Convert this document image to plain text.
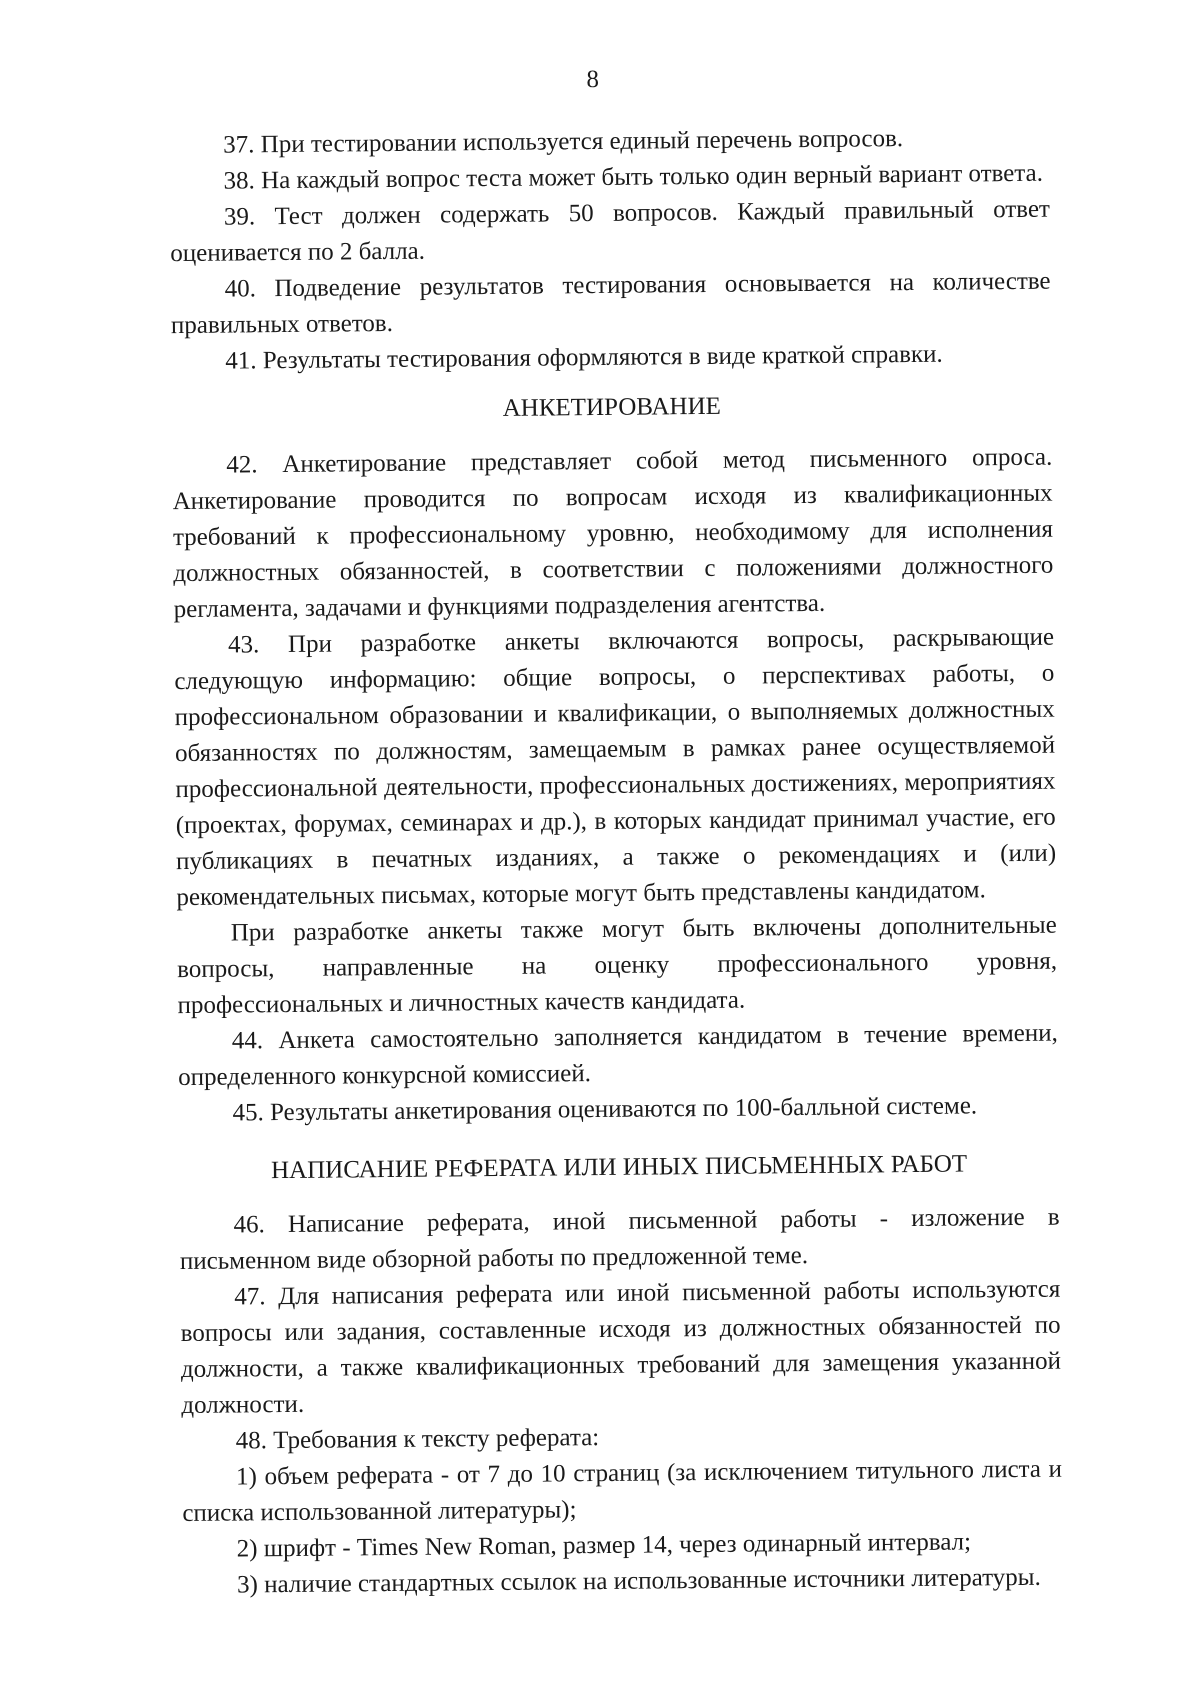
8

37. При тестировании используется единый перечень вопросов.

38. На каждый вопрос теста может быть только один верный вариант ответа.

39. Тест должен содержать 50 вопросов. Каждый правильный ответ оценивается по 2 балла.

40. Подведение результатов тестирования основывается на количестве правильных ответов.

41. Результаты тестирования оформляются в виде краткой справки.

АНКЕТИРОВАНИЕ

42. Анкетирование представляет собой метод письменного опроса. Анкетирование проводится по вопросам исходя из квалификационных требований к профессиональному уровню, необходимому для исполнения должностных обязанностей, в соответствии с положениями должностного регламента, задачами и функциями подразделения агентства.

43. При разработке анкеты включаются вопросы, раскрывающие следующую информацию: общие вопросы, о перспективах работы, о профессиональном образовании и квалификации, о выполняемых должностных обязанностях по должностям, замещаемым в рамках ранее осуществляемой профессиональной деятельности, профессиональных достижениях, мероприятиях (проектах, форумах, семинарах и др.), в которых кандидат принимал участие, его публикациях в печатных изданиях, а также о рекомендациях и (или) рекомендательных письмах, которые могут быть представлены кандидатом.

При разработке анкеты также могут быть включены дополнительные вопросы, направленные на оценку профессионального уровня, профессиональных и личностных качеств кандидата.

44. Анкета самостоятельно заполняется кандидатом в течение времени, определенного конкурсной комиссией.

45. Результаты анкетирования оцениваются по 100-балльной системе.

НАПИСАНИЕ РЕФЕРАТА ИЛИ ИНЫХ ПИСЬМЕННЫХ РАБОТ

46. Написание реферата, иной письменной работы - изложение в письменном виде обзорной работы по предложенной теме.

47. Для написания реферата или иной письменной работы используются вопросы или задания, составленные исходя из должностных обязанностей по должности, а также квалификационных требований для замещения указанной должности.

48. Требования к тексту реферата:

1) объем реферата - от 7 до 10 страниц (за исключением титульного листа и списка использованной литературы);

2) шрифт - Times New Roman, размер 14, через одинарный интервал;

3) наличие стандартных ссылок на использованные источники литературы.
